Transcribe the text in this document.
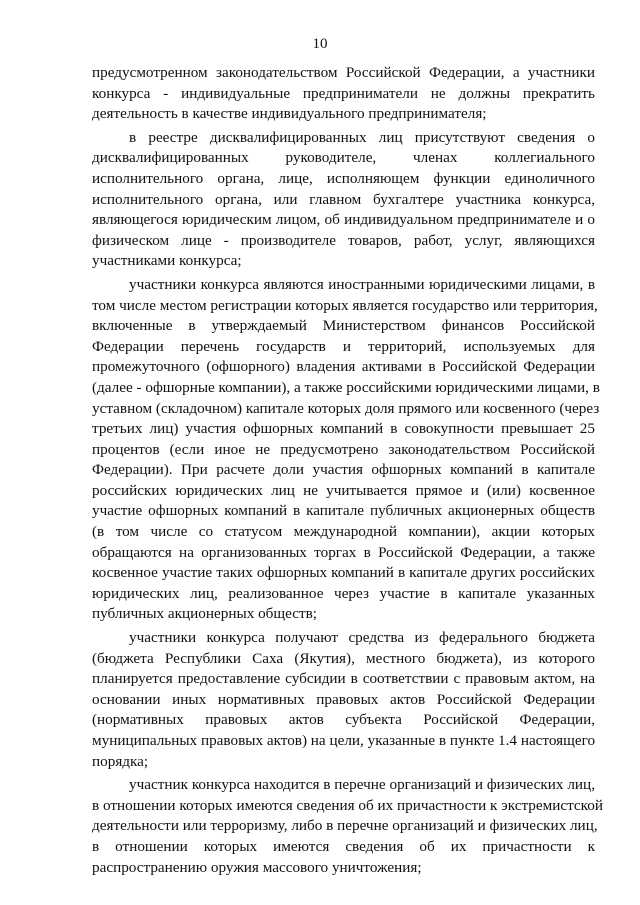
10
предусмотренном законодательством Российской Федерации, а участники
конкурса - индивидуальные предприниматели не должны прекратить
деятельность в качестве индивидуального предпринимателя;
в реестре дисквалифицированных лиц присутствуют сведения о
дисквалифицированных руководителе, членах коллегиального
исполнительного органа, лице, исполняющем функции единоличного
исполнительного органа, или главном бухгалтере участника конкурса,
являющегося юридическим лицом, об индивидуальном предпринимателе и о
физическом лице - производителе товаров, работ, услуг, являющихся
участниками конкурса;
участники конкурса являются иностранными юридическими лицами, в
том числе местом регистрации которых является государство или территория,
включенные в утверждаемый Министерством финансов Российской
Федерации перечень государств и территорий, используемых для
промежуточного (офшорного) владения активами в Российской Федерации
(далее - офшорные компании), а также российскими юридическими лицами, в
уставном (складочном) капитале которых доля прямого или косвенного (через
третьих лиц) участия офшорных компаний в совокупности превышает 25
процентов (если иное не предусмотрено законодательством Российской
Федерации). При расчете доли участия офшорных компаний в капитале
российских юридических лиц не учитывается прямое и (или) косвенное
участие офшорных компаний в капитале публичных акционерных обществ
(в том числе со статусом международной компании), акции которых
обращаются на организованных торгах в Российской Федерации, а также
косвенное участие таких офшорных компаний в капитале других российских
юридических лиц, реализованное через участие в капитале указанных
публичных акционерных обществ;
участники конкурса получают средства из федерального бюджета
(бюджета Республики Саха (Якутия), местного бюджета), из которого
планируется предоставление субсидии в соответствии с правовым актом, на
основании иных нормативных правовых актов Российской Федерации
(нормативных правовых актов субъекта Российской Федерации,
муниципальных правовых актов) на цели, указанные в пункте 1.4 настоящего
порядка;
участник конкурса находится в перечне организаций и физических лиц,
в отношении которых имеются сведения об их причастности к экстремистской
деятельности или терроризму, либо в перечне организаций и физических лиц,
в отношении которых имеются сведения об их причастности к
распространению оружия массового уничтожения;
